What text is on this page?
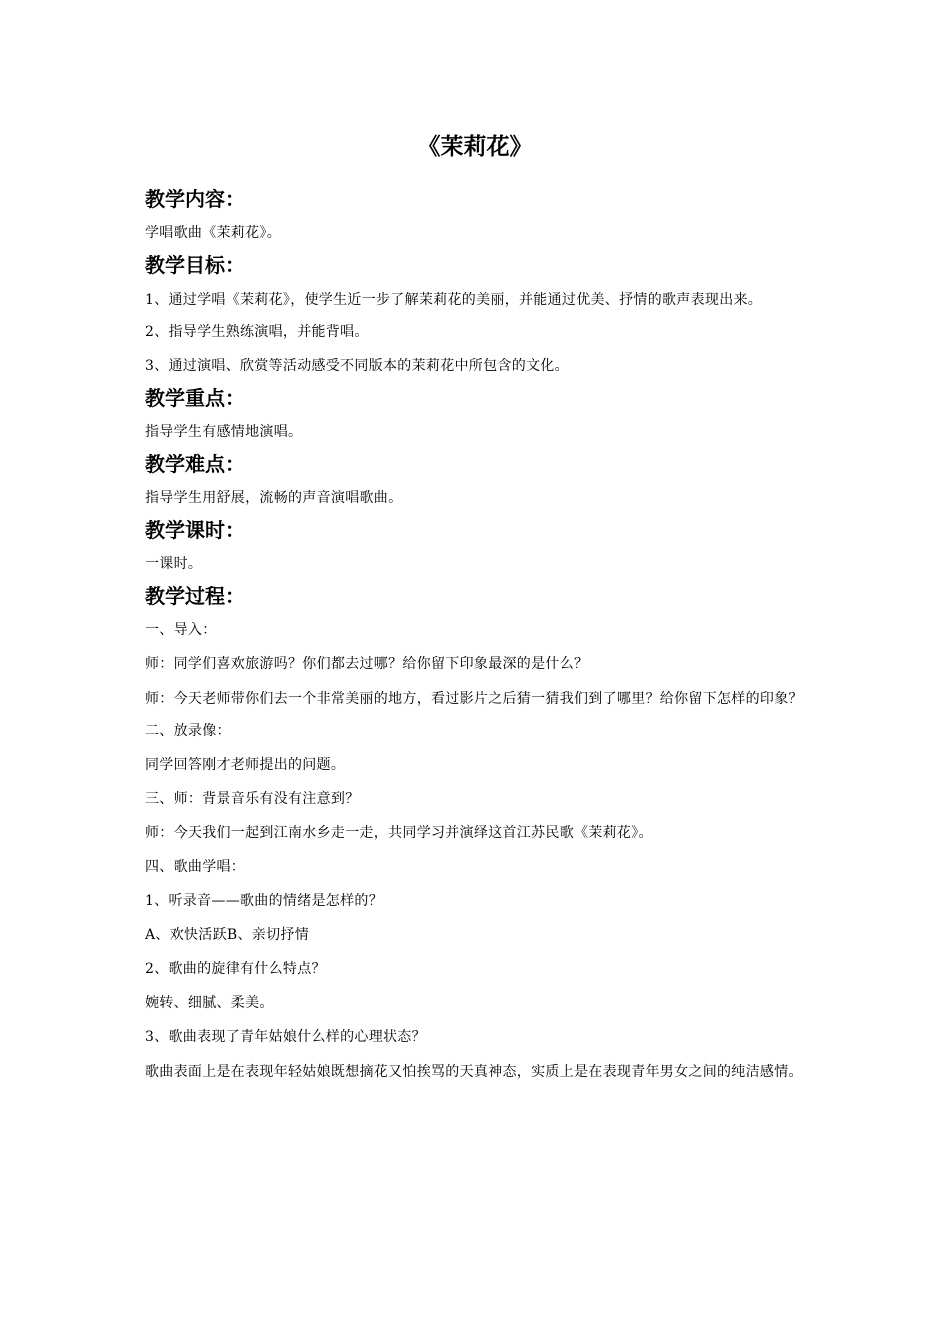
《茉莉花》
教学内容：

学唱歌曲《茉莉花》。

教学目标：

1、通过学唱《茉莉花》，使学生近一步了解茉莉花的美丽，并能通过优美、抒情的歌声表现出来。

2、指导学生熟练演唱，并能背唱。

3、通过演唱、欣赏等活动感受不同版本的茉莉花中所包含的文化。

教学重点：

指导学生有感情地演唱。

教学难点：

指导学生用舒展，流畅的声音演唱歌曲。

教学课时：

一课时。

教学过程：

一、导入：

师：同学们喜欢旅游吗？你们都去过哪？给你留下印象最深的是什么？

师：今天老师带你们去一个非常美丽的地方，看过影片之后猜一猜我们到了哪里？给你留下怎样的印象？

二、放录像：

同学回答刚才老师提出的问题。

三、师：背景音乐有没有注意到？

师：今天我们一起到江南水乡走一走，共同学习并演绎这首江苏民歌《茉莉花》。

四、歌曲学唱：

1、听录音——歌曲的情绪是怎样的？

A、欢快活跃B、亲切抒情

2、歌曲的旋律有什么特点？

婉转、细腻、柔美。

3、歌曲表现了青年姑娘什么样的心理状态？

歌曲表面上是在表现年轻姑娘既想摘花又怕挨骂的天真神态，实质上是在表现青年男女之间的纯洁感情。
